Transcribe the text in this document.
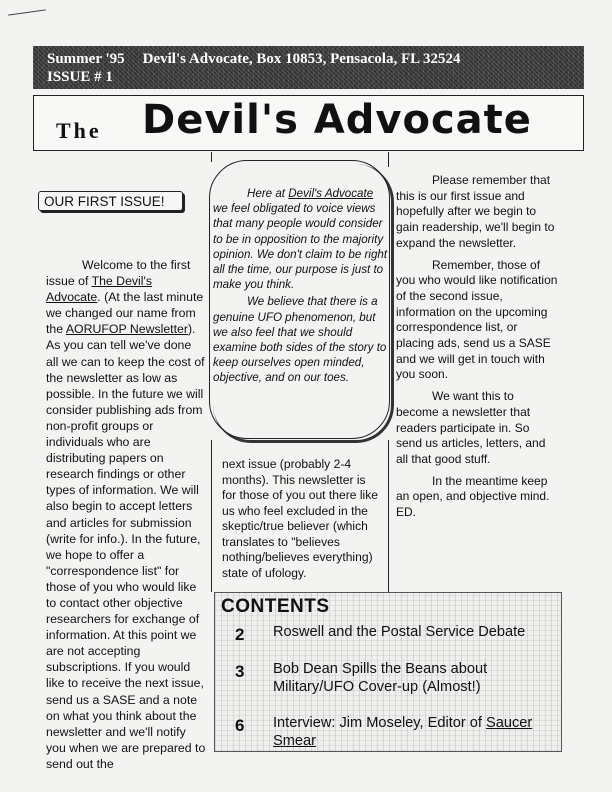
Summer '95 Devil's Advocate, Box 10853, Pensacola, FL 32524
ISSUE # 1
The Devil's Advocate
OUR FIRST ISSUE!

Welcome to the first issue of The Devil's Advocate. (At the last minute we changed our name from the AORUFOP Newsletter). As you can tell we've done all we can to keep the cost of the newsletter as low as possible. In the future we will consider publishing ads from non-profit groups or individuals who are distributing papers on research findings or other types of information. We will also begin to accept letters and articles for submission (write for info.). In the future, we hope to offer a "correspondence list" for those of you who would like to contact other objective researchers for exchange of information. At this point we are not accepting subscriptions. If you would like to receive the next issue, send us a SASE and a note on what you think about the newsletter and we'll notify you when we are prepared to send out the

Here at Devil's Advocate we feel obligated to voice views that many people would consider to be in opposition to the majority opinion. We don't claim to be right all the time, our purpose is just to make you think.

We believe that there is a genuine UFO phenomenon, but we also feel that we should examine both sides of the story to keep ourselves open minded, objective, and on our toes.

next issue (probably 2-4 months). This newsletter is for those of you out there like us who feel excluded in the skeptic/true believer (which translates to "believes nothing/believes everything) state of ufology.

Please remember that this is our first issue and hopefully after we begin to gain readership, we'll begin to expand the newsletter.

Remember, those of you who would like notification of the second issue, information on the upcoming correspondence list, or placing ads, send us a SASE and we will get in touch with you soon.

We want this to become a newsletter that readers participate in. So send us articles, letters, and all that good stuff.

In the meantime keep an open, and objective mind. ED.

CONTENTS
2 Roswell and the Postal Service Debate
3 Bob Dean Spills the Beans about Military/UFO Cover-up (Almost!)
6 Interview: Jim Moseley, Editor of Saucer Smear
